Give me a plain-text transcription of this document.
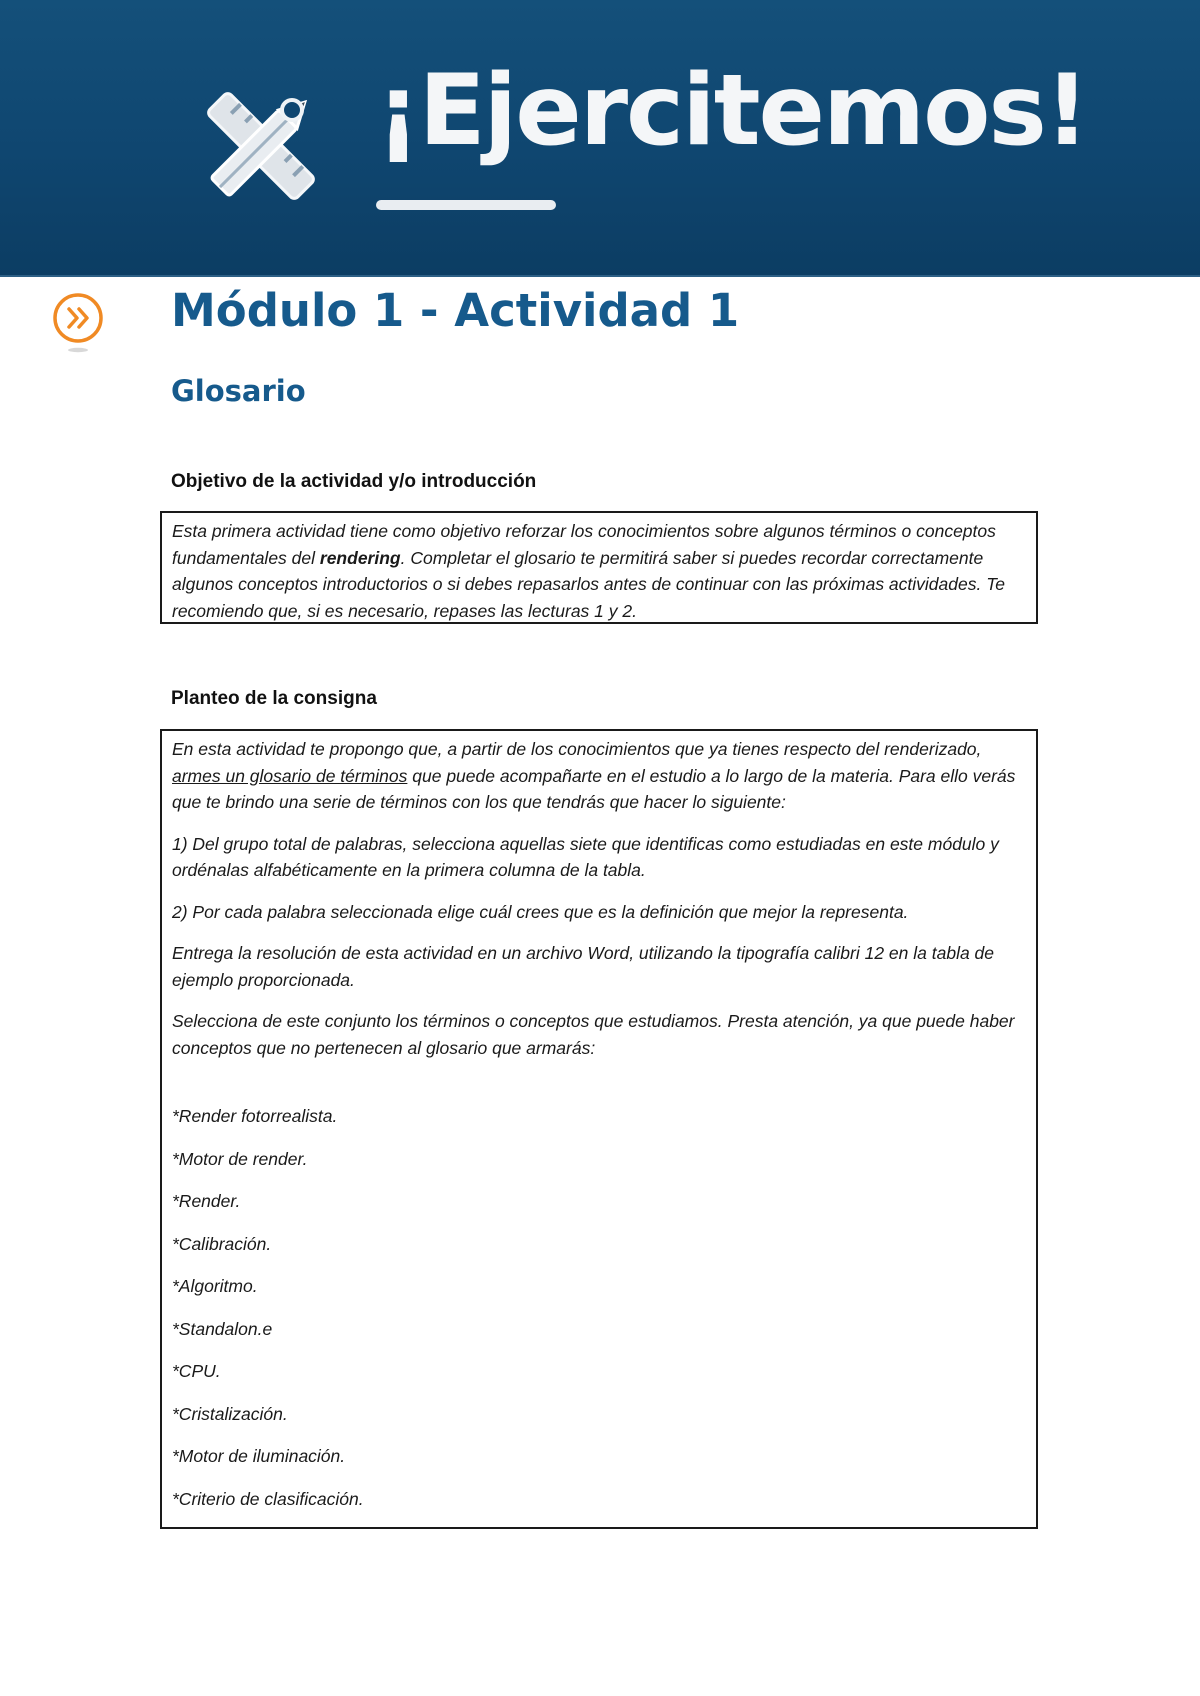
¡Ejercitemos!
Módulo 1 - Actividad 1
Glosario
Objetivo de la actividad y/o introducción

Esta primera actividad tiene como objetivo reforzar los conocimientos sobre algunos términos o conceptos fundamentales del rendering. Completar el glosario te permitirá saber si puedes recordar correctamente algunos conceptos introductorios o si debes repasarlos antes de continuar con las próximas actividades. Te recomiendo que, si es necesario, repases las lecturas 1 y 2.

Planteo de la consigna

En esta actividad te propongo que, a partir de los conocimientos que ya tienes respecto del renderizado, armes un glosario de términos que puede acompañarte en el estudio a lo largo de la materia. Para ello verás que te brindo una serie de términos con los que tendrás que hacer lo siguiente:

1) Del grupo total de palabras, selecciona aquellas siete que identificas como estudiadas en este módulo y ordénalas alfabéticamente en la primera columna de la tabla.

2) Por cada palabra seleccionada elige cuál crees que es la definición que mejor la representa.

Entrega la resolución de esta actividad en un archivo Word, utilizando la tipografía calibri 12 en la tabla de ejemplo proporcionada.

Selecciona de este conjunto los términos o conceptos que estudiamos. Presta atención, ya que puede haber conceptos que no pertenecen al glosario que armarás:

*Render fotorrealista.

*Motor de render.

*Render.

*Calibración.

*Algoritmo.

*Standalon.e

*CPU.

*Cristalización.

*Motor de iluminación.

*Criterio de clasificación.
